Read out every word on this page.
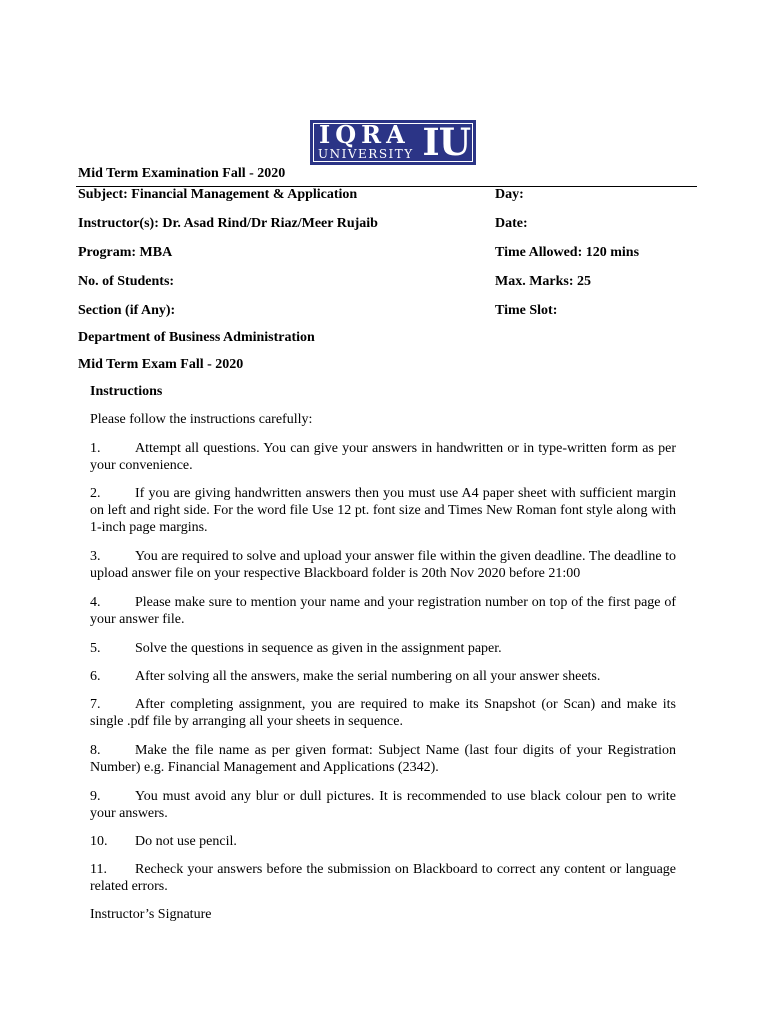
IQRA
UNIVERSITY IU
Mid Term Examination Fall - 2020
Subject: Financial Management & Application	Day:
Instructor(s): Dr. Asad Rind/Dr Riaz/Meer Rujaib	Date:
Program: MBA	Time Allowed: 120 mins
No. of Students:	Max. Marks: 25
Section (if Any):	Time Slot:
Department of Business Administration
Mid Term Exam Fall - 2020
Instructions
Please follow the instructions carefully:
1. Attempt all questions. You can give your answers in handwritten or in type-written form as per your convenience.
2. If you are giving handwritten answers then you must use A4 paper sheet with sufficient margin on left and right side. For the word file Use 12 pt. font size and Times New Roman font style along with 1-inch page margins.
3. You are required to solve and upload your answer file within the given deadline. The deadline to upload answer file on your respective Blackboard folder is 20th Nov 2020 before 21:00
4. Please make sure to mention your name and your registration number on top of the first page of your answer file.
5. Solve the questions in sequence as given in the assignment paper.
6. After solving all the answers, make the serial numbering on all your answer sheets.
7. After completing assignment, you are required to make its Snapshot (or Scan) and make its single .pdf file by arranging all your sheets in sequence.
8. Make the file name as per given format: Subject Name (last four digits of your Registration Number) e.g. Financial Management and Applications (2342).
9. You must avoid any blur or dull pictures. It is recommended to use black colour pen to write your answers.
10. Do not use pencil.
11. Recheck your answers before the submission on Blackboard to correct any content or language related errors.
Instructor’s Signature
